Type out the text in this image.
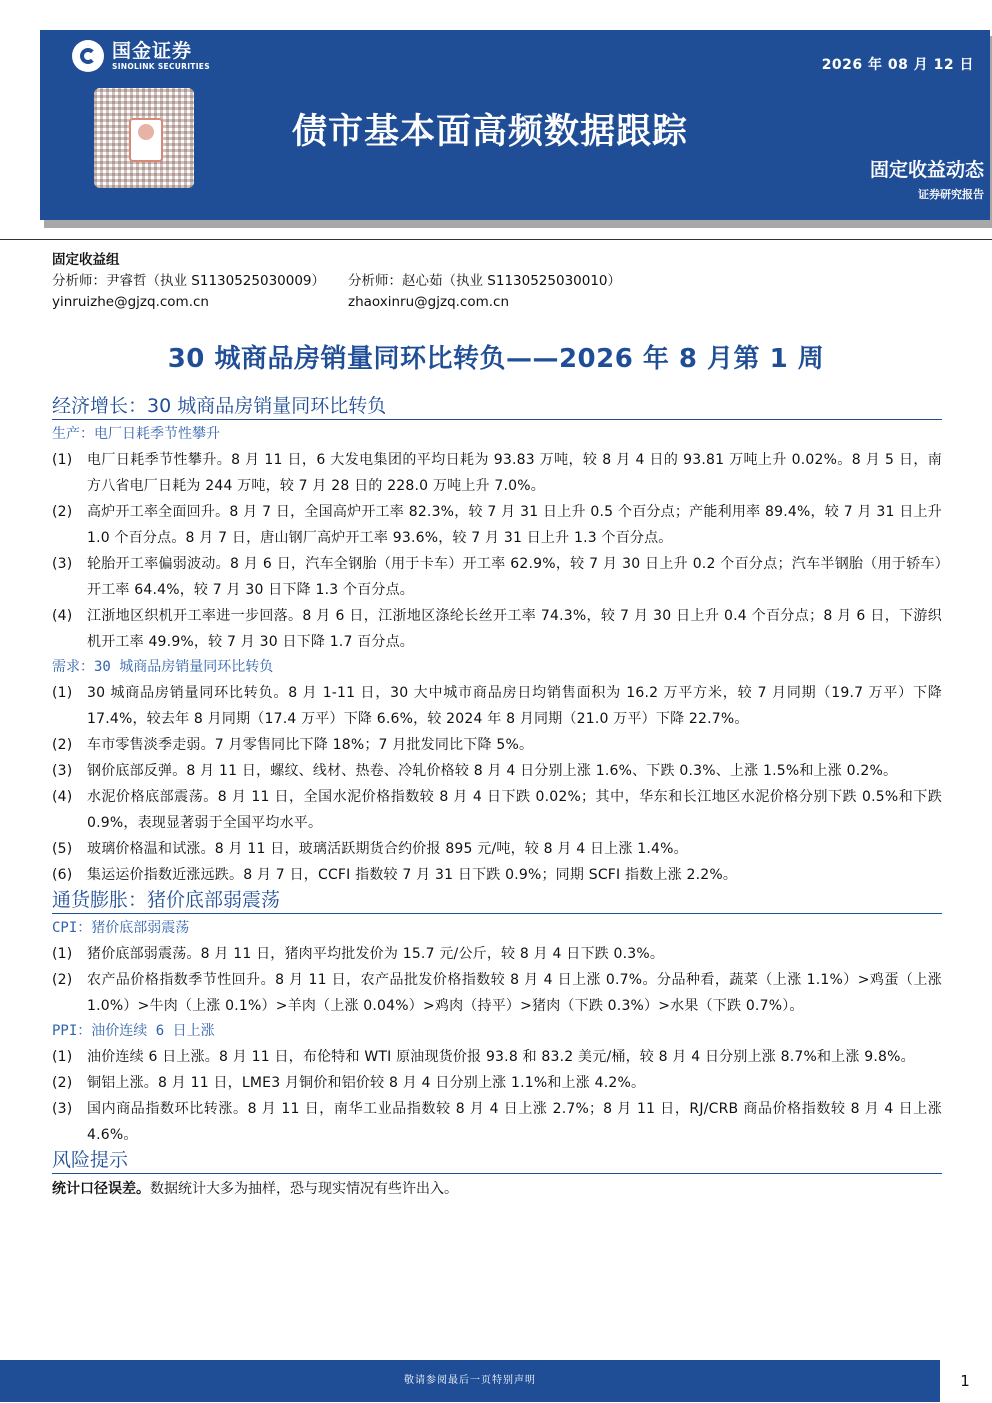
国金证券
SINOLINK SECURITIES	2026 年 08 月 12 日
债市基本面高频数据跟踪
固定收益动态
证券研究报告
固定收益组
分析师：尹睿哲（执业 S1130525030009） 分析师：赵心茹（执业 S1130525030010）
yinruizhe@gjzq.com.cn	zhaoxinru@gjzq.com.cn
30 城商品房销量同环比转负——2026 年 8 月第 1 周
经济增长：30 城商品房销量同环比转负
生产：电厂日耗季节性攀升
(1) 电厂日耗季节性攀升。8 月 11 日，6 大发电集团的平均日耗为 93.83 万吨，较 8 月 4 日的 93.81 万吨上升 0.02%。8 月 5 日，南方八省电厂日耗为 244 万吨，较 7 月 28 日的 228.0 万吨上升 7.0%。
(2) 高炉开工率全面回升。8 月 7 日，全国高炉开工率 82.3%，较 7 月 31 日上升 0.5 个百分点；产能利用率 89.4%，较 7 月 31 日上升 1.0 个百分点。8 月 7 日，唐山钢厂高炉开工率 93.6%，较 7 月 31 日上升 1.3 个百分点。
(3) 轮胎开工率偏弱波动。8 月 6 日，汽车全钢胎（用于卡车）开工率 62.9%，较 7 月 30 日上升 0.2 个百分点；汽车半钢胎（用于轿车）开工率 64.4%，较 7 月 30 日下降 1.3 个百分点。
(4) 江浙地区织机开工率进一步回落。8 月 6 日，江浙地区涤纶长丝开工率 74.3%，较 7 月 30 日上升 0.4 个百分点；8 月 6 日，下游织机开工率 49.9%，较 7 月 30 日下降 1.7 百分点。
需求：30 城商品房销量同环比转负
(1) 30 城商品房销量同环比转负。8 月 1-11 日，30 大中城市商品房日均销售面积为 16.2 万平方米，较 7 月同期（19.7 万平）下降 17.4%，较去年 8 月同期（17.4 万平）下降 6.6%，较 2024 年 8 月同期（21.0 万平）下降 22.7%。
(2) 车市零售淡季走弱。7 月零售同比下降 18%；7 月批发同比下降 5%。
(3) 钢价底部反弹。8 月 11 日，螺纹、线材、热卷、冷轧价格较 8 月 4 日分别上涨 1.6%、下跌 0.3%、上涨 1.5%和上涨 0.2%。
(4) 水泥价格底部震荡。8 月 11 日，全国水泥价格指数较 8 月 4 日下跌 0.02%；其中，华东和长江地区水泥价格分别下跌 0.5%和下跌 0.9%，表现显著弱于全国平均水平。
(5) 玻璃价格温和试涨。8 月 11 日，玻璃活跃期货合约价报 895 元/吨，较 8 月 4 日上涨 1.4%。
(6) 集运运价指数近涨远跌。8 月 7 日，CCFI 指数较 7 月 31 日下跌 0.9%；同期 SCFI 指数上涨 2.2%。
通货膨胀：猪价底部弱震荡
CPI：猪价底部弱震荡
(1) 猪价底部弱震荡。8 月 11 日，猪肉平均批发价为 15.7 元/公斤，较 8 月 4 日下跌 0.3%。
(2) 农产品价格指数季节性回升。8 月 11 日，农产品批发价格指数较 8 月 4 日上涨 0.7%。分品种看，蔬菜（上涨 1.1%）>鸡蛋（上涨 1.0%）>牛肉（上涨 0.1%）>羊肉（上涨 0.04%）>鸡肉（持平）>猪肉（下跌 0.3%）>水果（下跌 0.7%）。
PPI：油价连续 6 日上涨
(1) 油价连续 6 日上涨。8 月 11 日，布伦特和 WTI 原油现货价报 93.8 和 83.2 美元/桶，较 8 月 4 日分别上涨 8.7%和上涨 9.8%。
(2) 铜铝上涨。8 月 11 日，LME3 月铜价和铝价较 8 月 4 日分别上涨 1.1%和上涨 4.2%。
(3) 国内商品指数环比转涨。8 月 11 日，南华工业品指数较 8 月 4 日上涨 2.7%；8 月 11 日，RJ/CRB 商品价格指数较 8 月 4 日上涨 4.6%。
风险提示
统计口径误差。数据统计大多为抽样，恐与现实情况有些许出入。
敬请参阅最后一页特别声明	1
